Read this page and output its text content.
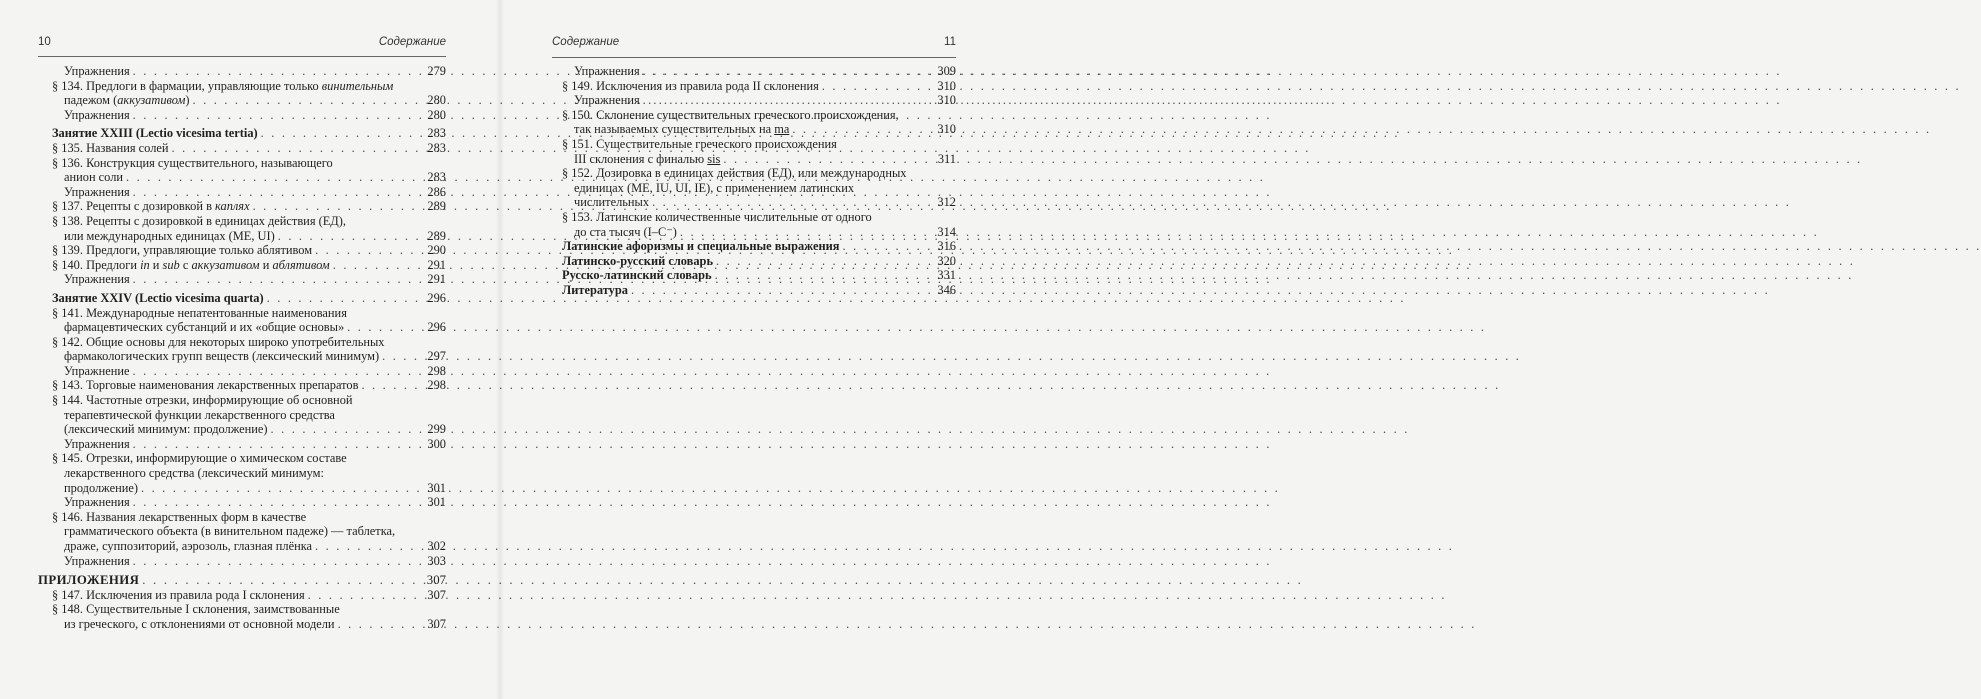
10	Содержание
Упражнения . . .	279
§ 134. Предлоги в фармации, управляющие только винительным
падежом (аккузативом) . . .	280
Упражнения . . .	280
Занятие XXIII (Lectio vicesima tertia) . . .	283
§ 135. Названия солей . . .	283
§ 136. Конструкция существительного, называющего
анион соли . . .	283
Упражнения . . .	286
§ 137. Рецепты с дозировкой в каплях . . .	289
§ 138. Рецепты с дозировкой в единицах действия (ЕД),
или международных единицах (ME, UI) . . .	289
§ 139. Предлоги, управляющие только аблятивом . . .	290
§ 140. Предлоги in и sub с аккузативом и аблятивом . . .	291
Упражнения . . .	291
Занятие XXIV (Lectio vicesima quarta) . . .	296
§ 141. Международные непатентованные наименования
фармацевтических субстанций и их «общие основы» . . .	296
§ 142. Общие основы для некоторых широко употребительных
фармакологических групп веществ (лексический минимум) . . .	297
Упражнение . . .	298
§ 143. Торговые наименования лекарственных препаратов . . .	298
§ 144. Частотные отрезки, информирующие об основной
терапевтической функции лекарственного средства
(лексический минимум: продолжение) . . .	299
Упражнения . . .	300
§ 145. Отрезки, информирующие о химическом составе
лекарственного средства (лексический минимум:
продолжение) . . .	301
Упражнения . . .	301
§ 146. Названия лекарственных форм в качестве
грамматического объекта (в винительном падеже) — таблетка,
драже, суппозиторий, аэрозоль, глазная плёнка . . .	302
Упражнения . . .	303
ПРИЛОЖЕНИЯ . . .	307
§ 147. Исключения из правила рода I склонения . . .	307
§ 148. Существительные I склонения, заимствованные
из греческого, с отклонениями от основной модели . . .	307
Содержание	11
Упражнения . . .	309
§ 149. Исключения из правила рода II склонения . . .	310
Упражнения . . .	310
§ 150. Склонение существительных греческого происхождения,
так называемых существительных на ma . . .	310
§ 151. Существительные греческого происхождения
III склонения с финалью sis . . .	311
§ 152. Дозировка в единицах действия (ЕД), или международных
единицах (ME, IU, UI, IE), с применением латинских
числительных . . .	312
§ 153. Латинские количественные числительные от одного
до ста тысяч (I–C⁻) . . .	314
Латинские афоризмы и специальные выражения . . .	316
Латинско-русский словарь . . .	320
Русско-латинский словарь . . .	331
Литература . . .	346
